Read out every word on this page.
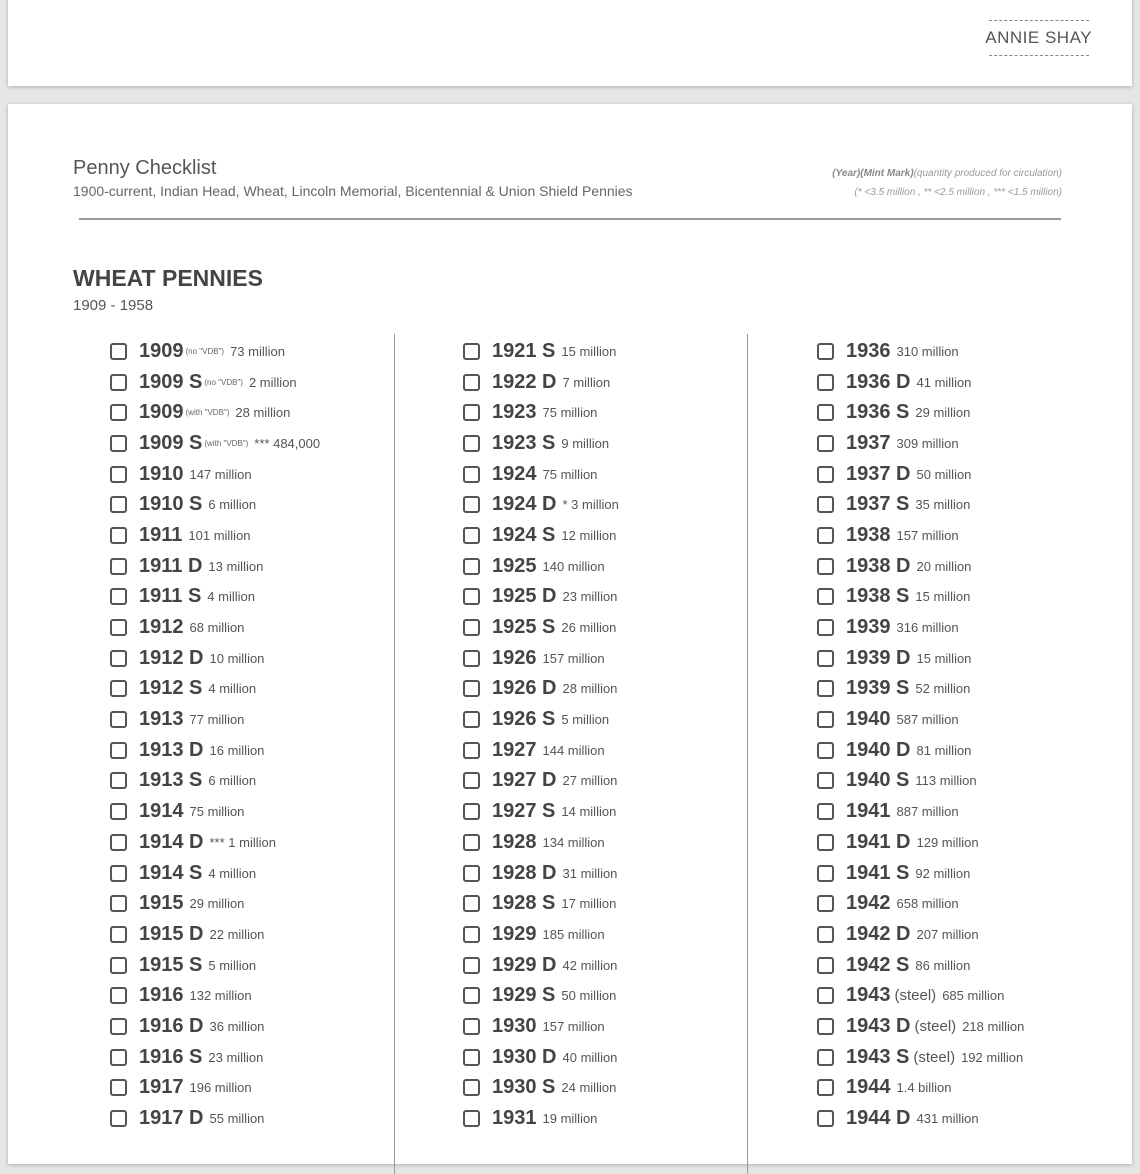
ANNIE SHAY
Penny Checklist
1900-current, Indian Head, Wheat, Lincoln Memorial, Bicentennial & Union Shield Pennies
(Year)(Mint Mark)(quantity produced for circulation)
(* <3.5 million , ** <2.5 million , *** <1.5 million)
WHEAT PENNIES
1909 - 1958
1909 (no "VDB") 73 million
1909 S (no "VDB") 2 million
1909 (with "VDB") 28 million
1909 S (with "VDB") *** 484,000
1910 147 million
1910 S 6 million
1911 101 million
1911 D 13 million
1911 S 4 million
1912 68 million
1912 D 10 million
1912 S 4 million
1913 77 million
1913 D 16 million
1913 S 6 million
1914 75 million
1914 D *** 1 million
1914 S 4 million
1915 29 million
1915 D 22 million
1915 S 5 million
1916 132 million
1916 D 36 million
1916 S 23 million
1917 196 million
1917 D 55 million
1921 S 15 million
1922 D 7 million
1923 75 million
1923 S 9 million
1924 75 million
1924 D * 3 million
1924 S 12 million
1925 140 million
1925 D 23 million
1925 S 26 million
1926 157 million
1926 D 28 million
1926 S 5 million
1927 144 million
1927 D 27 million
1927 S 14 million
1928 134 million
1928 D 31 million
1928 S 17 million
1929 185 million
1929 D 42 million
1929 S 50 million
1930 157 million
1930 D 40 million
1930 S 24 million
1931 19 million
1936 310 million
1936 D 41 million
1936 S 29 million
1937 309 million
1937 D 50 million
1937 S 35 million
1938 157 million
1938 D 20 million
1938 S 15 million
1939 316 million
1939 D 15 million
1939 S 52 million
1940 587 million
1940 D 81 million
1940 S 113 million
1941 887 million
1941 D 129 million
1941 S 92 million
1942 658 million
1942 D 207 million
1942 S 86 million
1943 (steel) 685 million
1943 D (steel) 218 million
1943 S (steel) 192 million
1944 1.4 billion
1944 D 431 million
